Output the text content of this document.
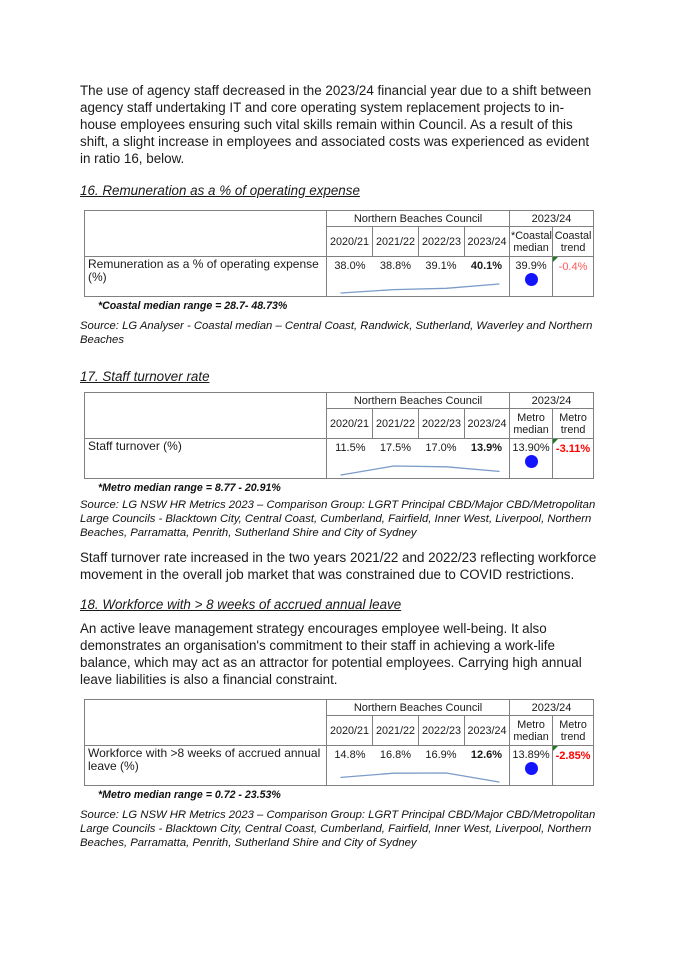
The use of agency staff decreased in the 2023/24 financial year due to a shift between agency staff undertaking IT and core operating system replacement projects to in-house employees ensuring such vital skills remain within Council. As a result of this shift, a slight increase in employees and associated costs was experienced as evident in ratio 16, below.

16. Remuneration as a % of operating expense
	Northern Beaches Council				2023/24	
	2020/21	2021/22	2022/23	2023/24	*Coastal median	Coastal trend
Remuneration as a % of operating expense (%)	38.0% 38.8% 39.1% 40.1%				39.9%	-0.4%
*Coastal median range = 28.7- 48.73%

Source: LG Analyser - Coastal median – Central Coast, Randwick, Sutherland, Waverley and Northern Beaches

17. Staff turnover rate
	Northern Beaches Council				2023/24	
	2020/21	2021/22	2022/23	2023/24	Metro median	Metro trend
Staff turnover (%)	11.5% 17.5% 17.0% 13.9%				13.90%	-3.11%
*Metro median range = 8.77 - 20.91%

Source: LG NSW HR Metrics 2023 – Comparison Group: LGRT Principal CBD/Major CBD/Metropolitan Large Councils - Blacktown City, Central Coast, Cumberland, Fairfield, Inner West, Liverpool, Northern Beaches, Parramatta, Penrith, Sutherland Shire and City of Sydney

Staff turnover rate increased in the two years 2021/22 and 2022/23 reflecting workforce movement in the overall job market that was constrained due to COVID restrictions.

18. Workforce with > 8 weeks of accrued annual leave

An active leave management strategy encourages employee well-being. It also demonstrates an organisation's commitment to their staff in achieving a work-life balance, which may act as an attractor for potential employees. Carrying high annual leave liabilities is also a financial constraint.

	Northern Beaches Council				2023/24	
	2020/21	2021/22	2022/23	2023/24	Metro median	Metro trend
Workforce with >8 weeks of accrued annual leave (%)	14.8% 16.8% 16.9% 12.6%				13.89%	-2.85%
*Metro median range = 0.72 - 23.53%

Source: LG NSW HR Metrics 2023 – Comparison Group: LGRT Principal CBD/Major CBD/Metropolitan Large Councils - Blacktown City, Central Coast, Cumberland, Fairfield, Inner West, Liverpool, Northern Beaches, Parramatta, Penrith, Sutherland Shire and City of Sydney
